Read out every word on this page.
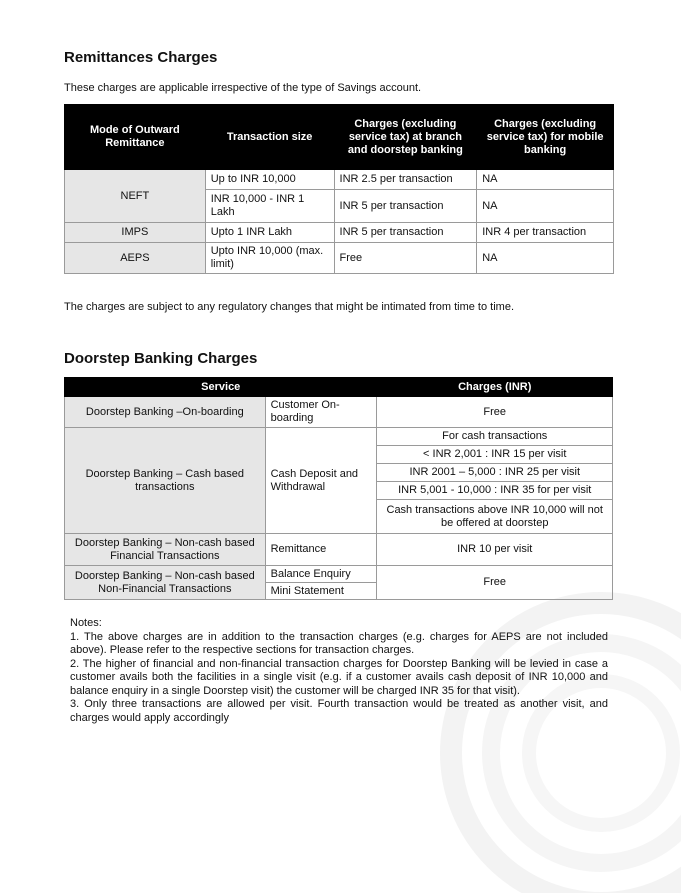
Remittances Charges

These charges are applicable irrespective of the type of Savings account.

Mode of Outward Remittance	Transaction size	Charges (excluding service tax) at branch and doorstep banking	Charges (excluding service tax) for mobile banking
NEFT	Up to INR 10,000	INR 2.5 per transaction	NA
	INR 10,000 - INR 1 Lakh	INR 5 per transaction	NA
IMPS	Upto 1 INR Lakh	INR 5 per transaction	INR 4 per transaction
AEPS	Upto INR 10,000 (max. limit)	Free	NA

The charges are subject to any regulatory changes that might be intimated from time to time.

Doorstep Banking Charges
Service		Charges (INR)
Doorstep Banking –On-boarding	Customer On-boarding	Free
Doorstep Banking – Cash based transactions	Cash Deposit and Withdrawal	For cash transactions
		< INR 2,001 : INR 15 per visit
		INR 2001 – 5,000 : INR 25 per visit
		INR 5,001 - 10,000 : INR 35 for per visit
		Cash transactions above INR 10,000 will not be offered at doorstep
Doorstep Banking – Non-cash based Financial Transactions	Remittance	INR 10 per visit
Doorstep Banking – Non-cash based Non-Financial Transactions	Balance Enquiry	Free
	Mini Statement	

Notes:

1. The above charges are in addition to the transaction charges (e.g. charges for AEPS are not included above). Please refer to the respective sections for transaction charges.

2. The higher of financial and non-financial transaction charges for Doorstep Banking will be levied in case a customer avails both the facilities in a single visit (e.g. if a customer avails cash deposit of INR 10,000 and balance enquiry in a single Doorstep visit) the customer will be charged INR 35 for that visit).

3. Only three transactions are allowed per visit. Fourth transaction would be treated as another visit, and charges would apply accordingly
